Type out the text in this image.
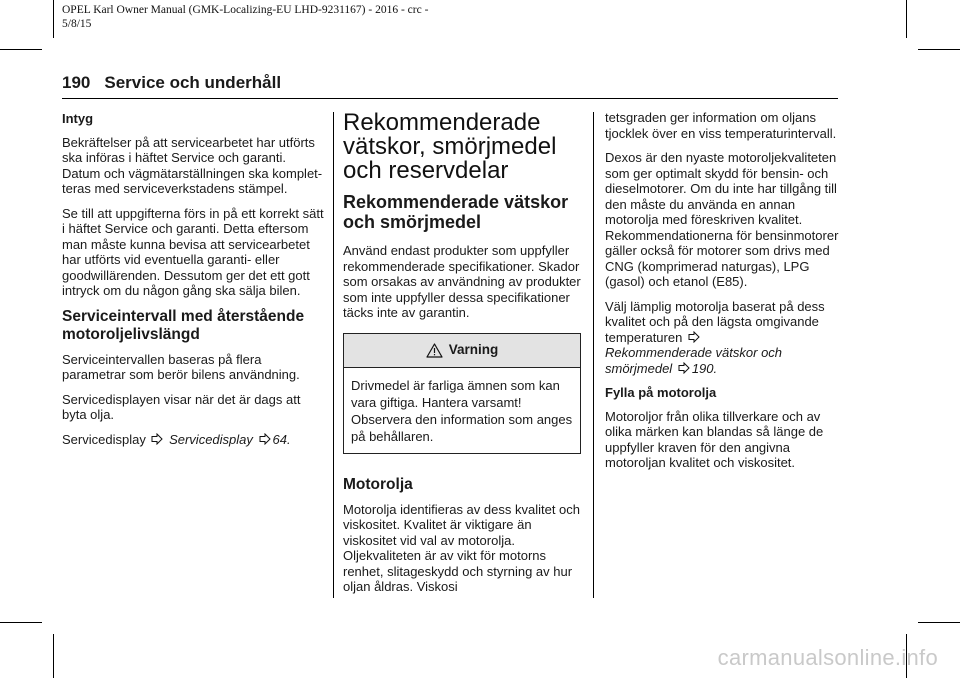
OPEL Karl Owner Manual (GMK-Localizing-EU LHD-9231167) - 2016 - crc -
5/8/15
190 Service och underhåll
Intyg

Bekräftelser på att servicearbetet har utförts ska införas i häftet Service och garanti. Datum och vägmätarställningen ska kompletteras med serviceverkstadens stämpel.

Se till att uppgifterna förs in på ett korrekt sätt i häftet Service och garanti. Detta eftersom man måste kunna bevisa att servicearbetet har utförts vid eventuella garanti- eller goodwillärenden. Dessutom ger det ett gott intryck om du någon gång ska sälja bilen.

Serviceintervall med återstående motoroljelivslängd

Serviceintervallen baseras på flera parametrar som berör bilens användning.

Servicedisplayen visar när det är dags att byta olja.

Servicedisplay Servicedisplay 64.

Rekommenderade vätskor, smörjmedel och reservdelar
Rekommenderade vätskor och smörjmedel

Använd endast produkter som uppfyller rekommenderade specifikationer. Skador som orsakas av användning av produkter som inte uppfyller dessa specifikationer täcks inte av garantin.

Varning
Drivmedel är farliga ämnen som kan vara giftiga. Hantera varsamt! Observera den information som anges på behållaren.
Motorolja

Motorolja identifieras av dess kvalitet och viskositet. Kvalitet är viktigare än viskositet vid val av motorolja. Oljekvaliteten är av vikt för motorns renhet, slitageskydd och styrning av hur oljan åldras. Viskosi

tetsgraden ger information om oljans tjocklek över en viss temperaturintervall.

Dexos är den nyaste motoroljekvaliteten som ger optimalt skydd för bensin- och dieselmotorer. Om du inte har tillgång till den måste du använda en annan motorolja med föreskriven kvalitet. Rekommendationerna för bensinmotorer gäller också för motorer som drivs med CNG (komprimerad naturgas), LPG (gasol) och etanol (E85).

Välj lämplig motorolja baserat på dess kvalitet och på den lägsta omgivande temperaturen

Rekommenderade vätskor och smörjmedel 190.

Fylla på motorolja

Motoroljor från olika tillverkare och av olika märken kan blandas så länge de uppfyller kraven för den angivna motoroljan kvalitet och viskositet.

carmanualsonline.info
